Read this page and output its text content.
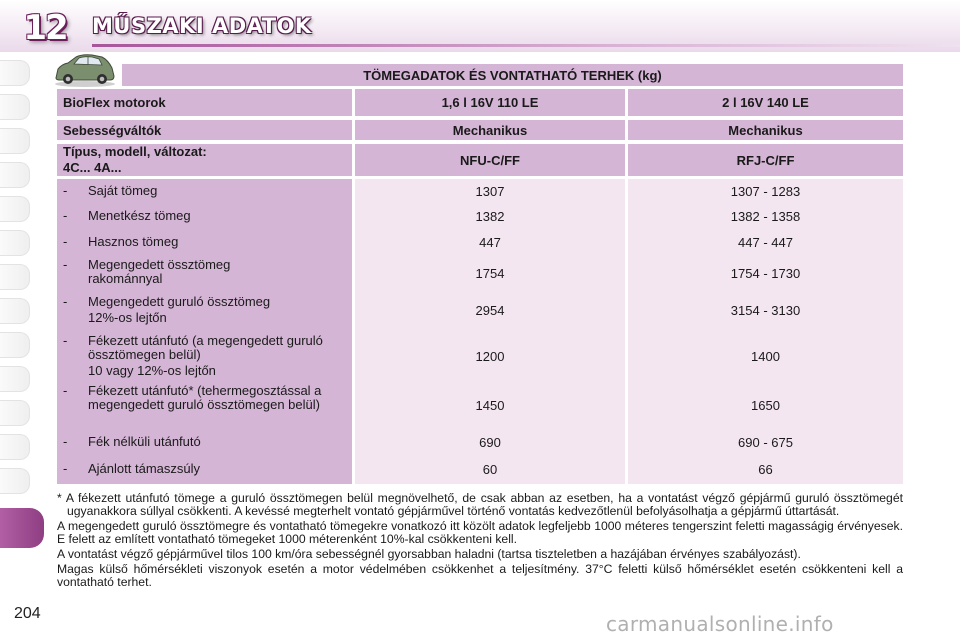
12	MŰSZAKI ADATOK
204
TÖMEGADATOK ÉS VONTATHATÓ TERHEK (kg)
BioFlex motorok	1,6 l 16V 110 LE	2 l 16V 140 LE
Sebességváltók	Mechanikus	Mechanikus
Típus, modell, változat:
4C... 4A...	NFU-C/FF	RFJ-C/FF
- Saját tömeg	1307	1307 - 1283
- Menetkész tömeg	1382	1382 - 1358
- Hasznos tömeg	447	447 - 447
- Megengedett össztömeg rakománnyal	1754	1754 - 1730
- Megengedett guruló össztömeg
12%-os lejtőn	2954	3154 - 3130
- Fékezett utánfutó (a megengedett guruló össztömegen belül)
10 vagy 12%-os lejtőn
1200	1400
- Fékezett utánfutó* (tehermegosztással a megengedett guruló össztömegen belül)	1450	1650
- Fék nélküli utánfutó	690	690 - 675
- Ajánlott támaszsúly	60	66

* A fékezett utánfutó tömege a guruló össztömegen belül megnövelhető, de csak abban az esetben, ha a vontatást végző gépjármű guruló össztömegét ugyanakkora súllyal csökkenti. A kevéssé megterhelt vontató gépjárművel történő vontatás kedvezőtlenül befolyásolhatja a gépjármű úttartását.

A megengedett guruló össztömegre és vontatható tömegekre vonatkozó itt közölt adatok legfeljebb 1000 méteres tengerszint feletti magasságig érvényesek. E felett az említett vontatható tömegeket 1000 méterenként 10%-kal csökkenteni kell.

A vontatást végző gépjárművel tilos 100 km/óra sebességnél gyorsabban haladni (tartsa tiszteletben a hazájában érvényes szabályozást).

Magas külső hőmérsékleti viszonyok esetén a motor védelmében csökkenhet a teljesítmény. 37°C feletti külső hőmérséklet esetén csökkenteni kell a vontatható terhet.

carmanualsonline.info
